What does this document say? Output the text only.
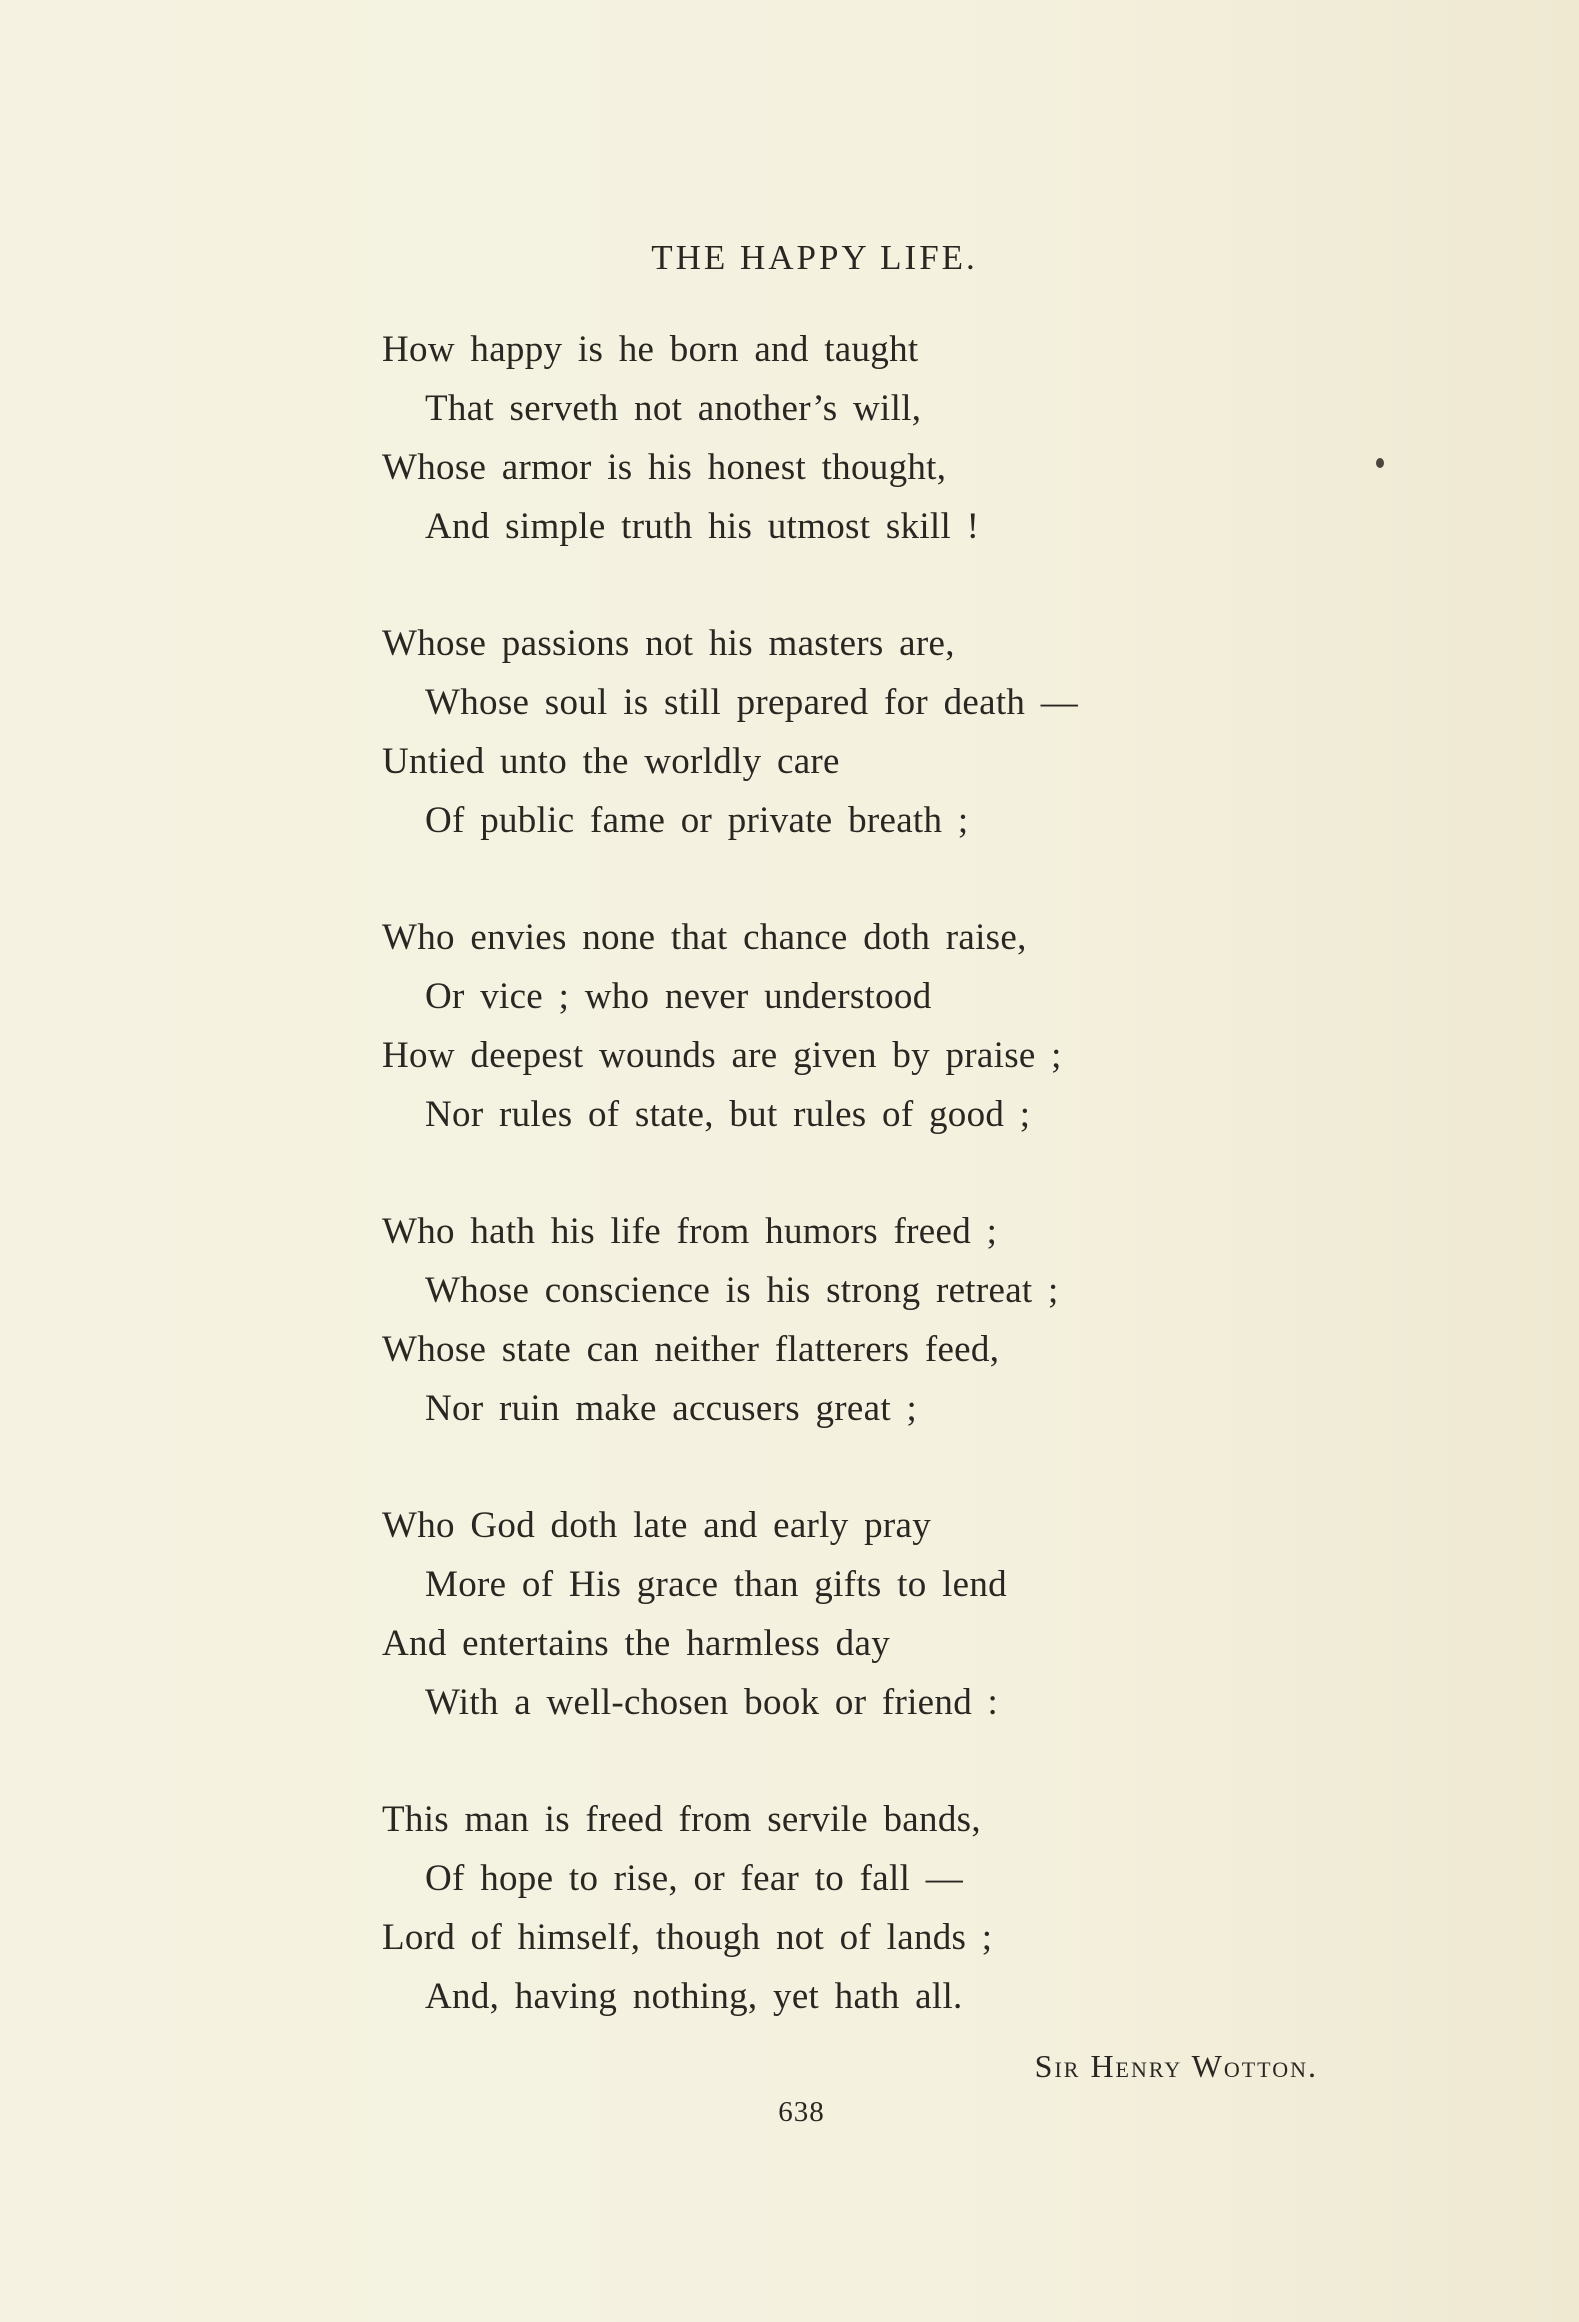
THE HAPPY LIFE.
How happy is he born and taught
That serveth not another’s will,
Whose armor is his honest thought,
And simple truth his utmost skill !
Whose passions not his masters are,
Whose soul is still prepared for death —
Untied unto the worldly care
Of public fame or private breath ;
Who envies none that chance doth raise,
Or vice ; who never understood
How deepest wounds are given by praise ;
Nor rules of state, but rules of good ;
Who hath his life from humors freed ;
Whose conscience is his strong retreat ;
Whose state can neither flatterers feed,
Nor ruin make accusers great ;
Who God doth late and early pray
More of His grace than gifts to lend
And entertains the harmless day
With a well-chosen book or friend :
This man is freed from servile bands,
Of hope to rise, or fear to fall —
Lord of himself, though not of lands ;
And, having nothing, yet hath all.
Sir Henry Wotton.
638
